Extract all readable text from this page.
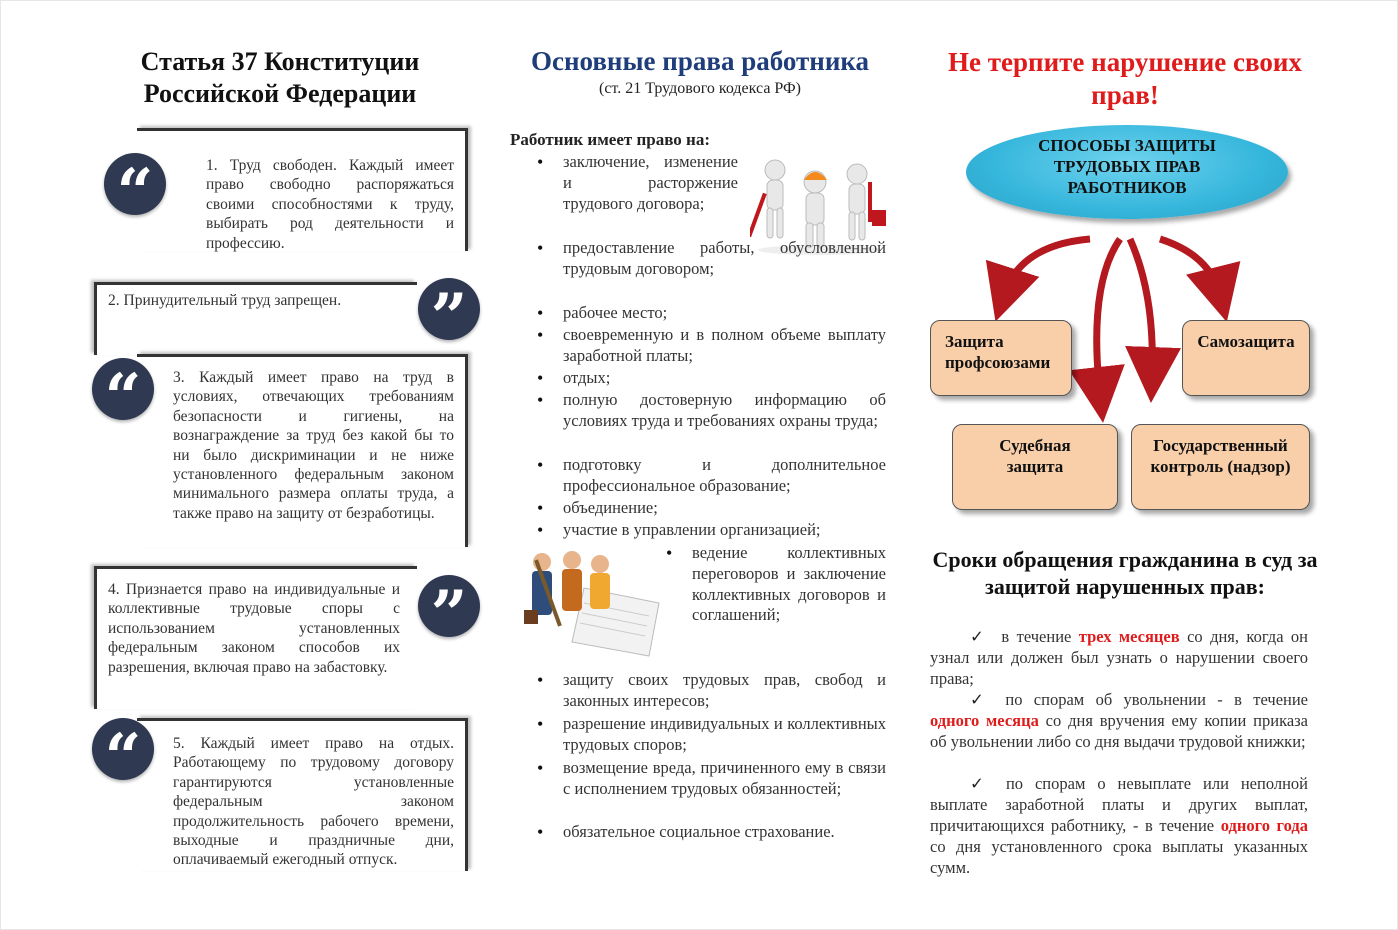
Статья 37 Конституции
Российской Федерации
“	1. Труд свободен. Каждый имеет право свободно распоряжаться своими способностями к труду, выбирать род деятельности и профессию.
”
2. Принудительный труд запрещен.
“	3. Каждый имеет право на труд в условиях, отвечающих требованиям безопасности и гигиены, на вознаграждение за труд без какой бы то ни было дискриминации и не ниже установленного федеральным законом минимального размера оплаты труда, а также право на защиту от безработицы.
”
4. Признается право на индивидуальные и коллективные трудовые споры с использованием установленных федеральным законом способов их разрешения, включая право на забастовку.
“	5. Каждый имеет право на отдых. Работающему по трудовому договору гарантируются установленные федеральным законом продолжительность рабочего времени, выходные и праздничные дни, оплачиваемый ежегодный отпуск.
Основные права работника
(ст. 21 Трудового кодекса РФ)
Работник имеет право на:
• заключение, изменение и расторжение трудового договора;
• предоставление работы, обусловленной трудовым договором;
• рабочее место;
• своевременную и в полном объеме выплату заработной платы;
• отдых;
• полную достоверную информацию об условиях труда и требованиях охраны труда;
• подготовку и дополнительное профессиональное образование;
• объединение;
• участие в управлении организацией;
• ведение коллективных переговоров и заключение коллективных договоров и соглашений;
• защиту своих трудовых прав, свобод и законных интересов;
• разрешение индивидуальных и коллективных трудовых споров;
• возмещение вреда, причиненного ему в связи с исполнением трудовых обязанностей;
• обязательное социальное страхование.
Не терпите нарушение своих
прав!
СПОСОБЫ ЗАЩИТЫ ТРУДОВЫХ ПРАВ РАБОТНИКОВ
Защита профсоюзами
Самозащита
Судебная защита
Государственный контроль (надзор)
Сроки обращения гражданина в суд за защитой нарушенных прав:
✓ в течение трех месяцев со дня, когда он узнал или должен был узнать о нарушении своего права;
✓ по спорам об увольнении - в течение одного месяца со дня вручения ему копии приказа об увольнении либо со дня выдачи трудовой книжки;
✓ по спорам о невыплате или неполной выплате заработной платы и других выплат, причитающихся работнику, - в течение одного года со дня установленного срока выплаты указанных сумм.
